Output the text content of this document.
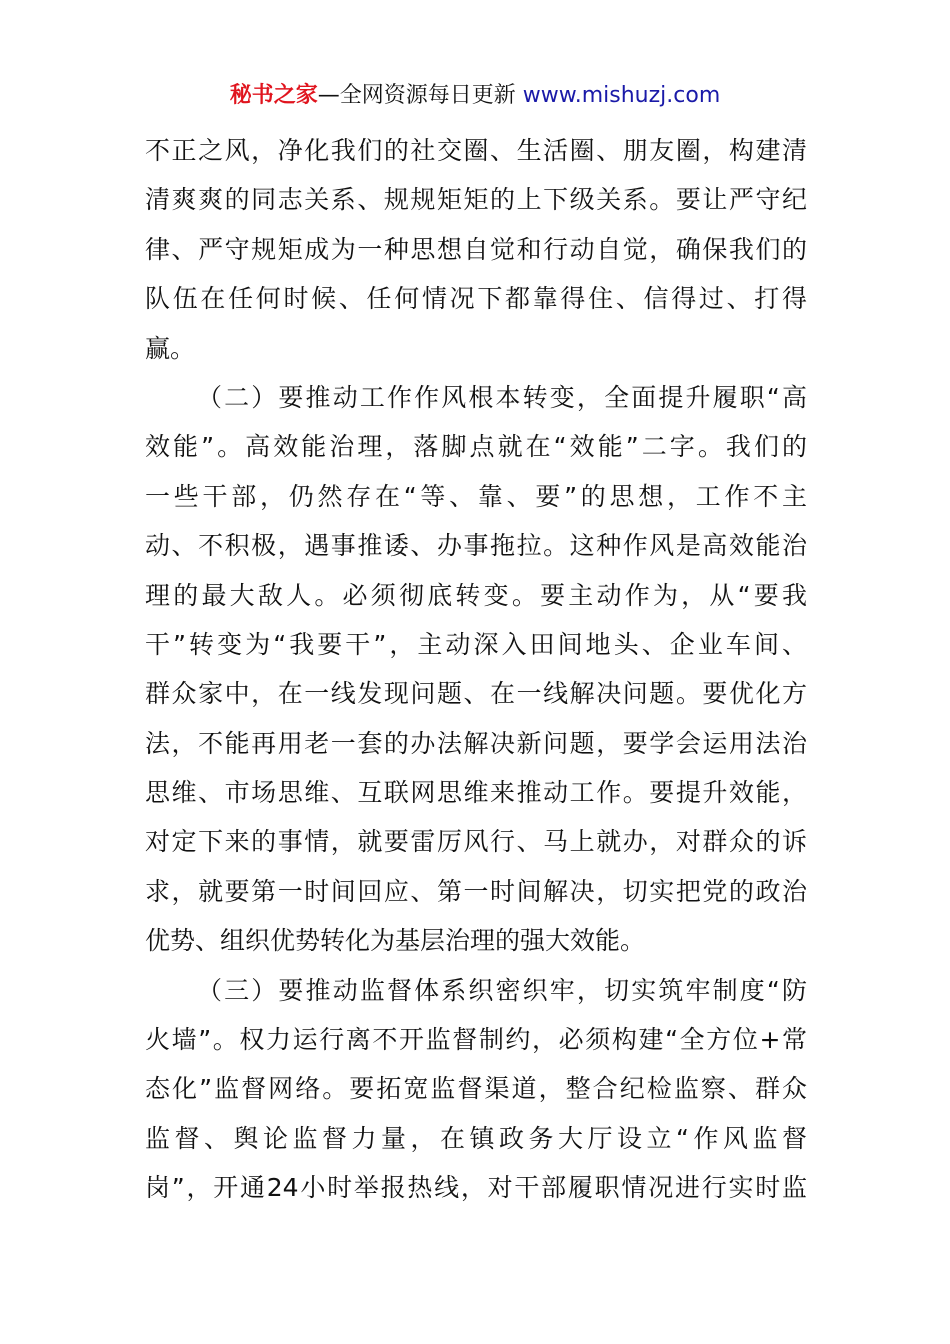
秘书之家—全网资源每日更新 www.mishuzj.com
不正之风，净化我们的社交圈、生活圈、朋友圈，构建清
清爽爽的同志关系、规规矩矩的上下级关系。要让严守纪
律、严守规矩成为一种思想自觉和行动自觉，确保我们的
队伍在任何时候、任何情况下都靠得住、信得过、打得
赢。
（二）要推动工作作风根本转变，全面提升履职“高
效能”。高效能治理，落脚点就在“效能”二字。我们的
一些干部，仍然存在“等、靠、要”的思想，工作不主
动、不积极，遇事推诿、办事拖拉。这种作风是高效能治
理的最大敌人。必须彻底转变。要主动作为，从“要我
干”转变为“我要干”，主动深入田间地头、企业车间、
群众家中，在一线发现问题、在一线解决问题。要优化方
法，不能再用老一套的办法解决新问题，要学会运用法治
思维、市场思维、互联网思维来推动工作。要提升效能，
对定下来的事情，就要雷厉风行、马上就办，对群众的诉
求，就要第一时间回应、第一时间解决，切实把党的政治
优势、组织优势转化为基层治理的强大效能。
（三）要推动监督体系织密织牢，切实筑牢制度“防
火墙”。权力运行离不开监督制约，必须构建“全方位+常
态化”监督网络。要拓宽监督渠道，整合纪检监察、群众
监督、舆论监督力量，在镇政务大厅设立“作风监督
岗”，开通24小时举报热线，对干部履职情况进行实时监
